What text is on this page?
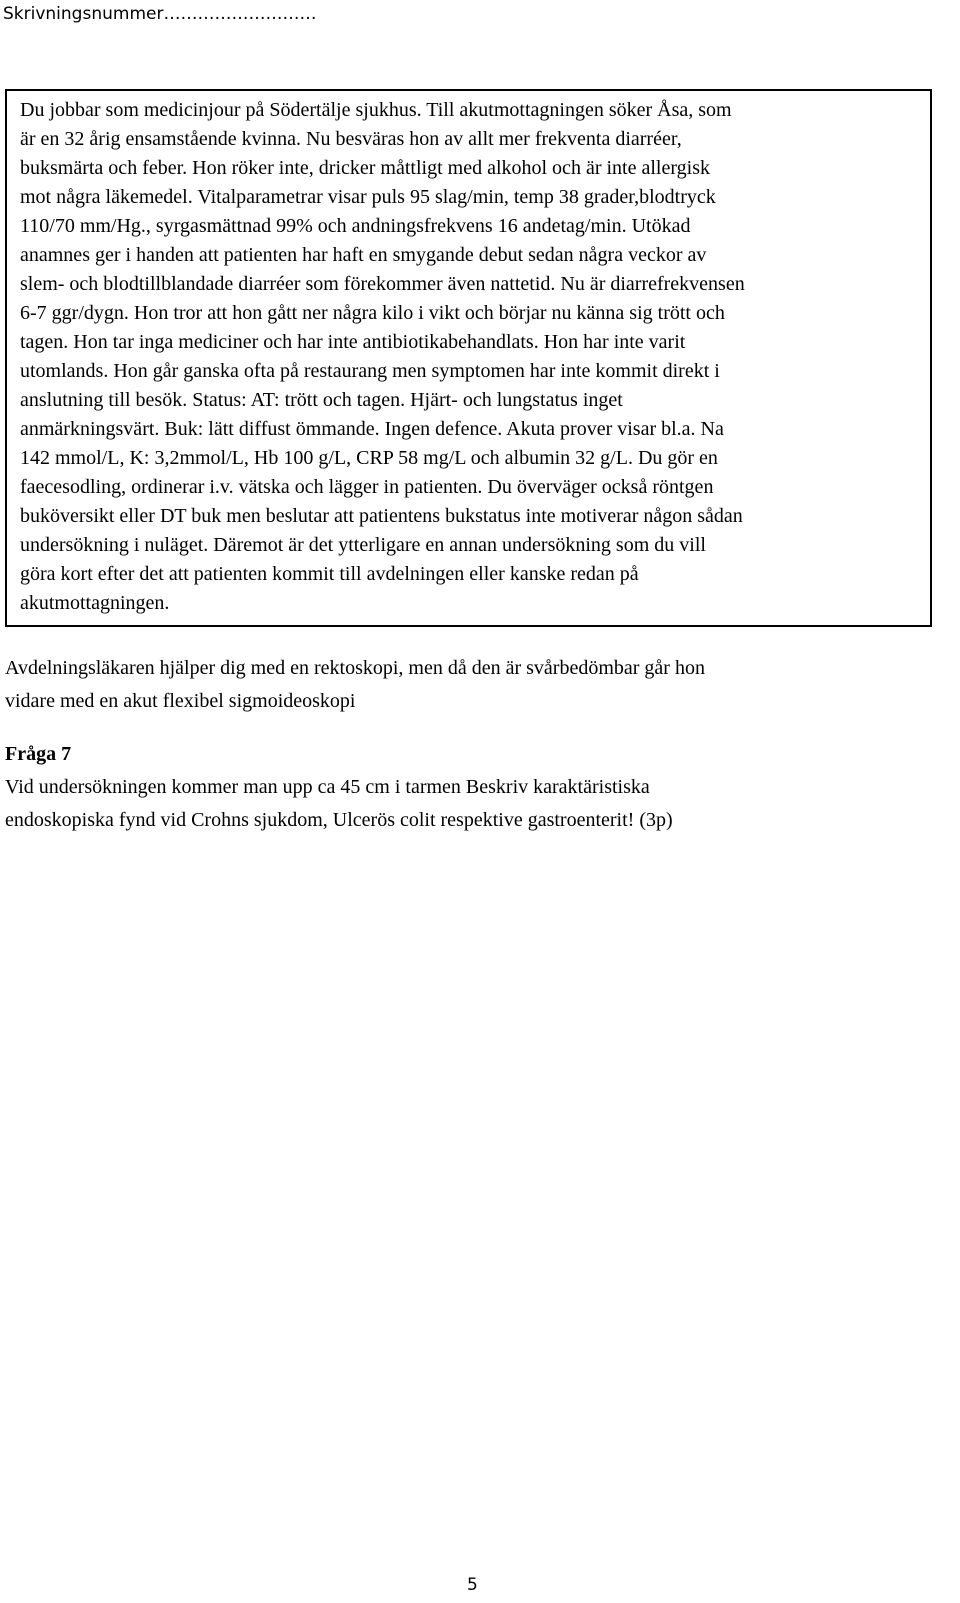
Skrivningsnummer………………………

Du jobbar som medicinjour på Södertälje sjukhus. Till akutmottagningen söker Åsa, som
är en 32 årig ensamstående kvinna. Nu besväras hon av allt mer frekventa diarréer,
buksmärta och feber. Hon röker inte, dricker måttligt med alkohol och är inte allergisk
mot några läkemedel. Vitalparametrar visar puls 95 slag/min, temp 38 grader,blodtryck
110/70 mm/Hg., syrgasmättnad 99% och andningsfrekvens 16 andetag/min. Utökad
anamnes ger i handen att patienten har haft en smygande debut sedan några veckor av
slem- och blodtillblandade diarréer som förekommer även nattetid. Nu är diarrefrekvensen
6-7 ggr/dygn. Hon tror att hon gått ner några kilo i vikt och börjar nu känna sig trött och
tagen. Hon tar inga mediciner och har inte antibiotikabehandlats. Hon har inte varit
utomlands. Hon går ganska ofta på restaurang men symptomen har inte kommit direkt i
anslutning till besök. Status: AT: trött och tagen. Hjärt- och lungstatus inget
anmärkningsvärt. Buk: lätt diffust ömmande. Ingen defence. Akuta prover visar bl.a. Na
142 mmol/L, K: 3,2mmol/L, Hb 100 g/L, CRP 58 mg/L och albumin 32 g/L. Du gör en
faecesodling, ordinerar i.v. vätska och lägger in patienten. Du överväger också röntgen
buköversikt eller DT buk men beslutar att patientens bukstatus inte motiverar någon sådan
undersökning i nuläget. Däremot är det ytterligare en annan undersökning som du vill
göra kort efter det att patienten kommit till avdelningen eller kanske redan på
akutmottagningen.

Avdelningsläkaren hjälper dig med en rektoskopi, men då den är svårbedömbar går hon
vidare med en akut flexibel sigmoideoskopi

Fråga 7

Vid undersökningen kommer man upp ca 45 cm i tarmen Beskriv karaktäristiska
endoskopiska fynd vid Crohns sjukdom, Ulcerös colit respektive gastroenterit! (3p)

5
